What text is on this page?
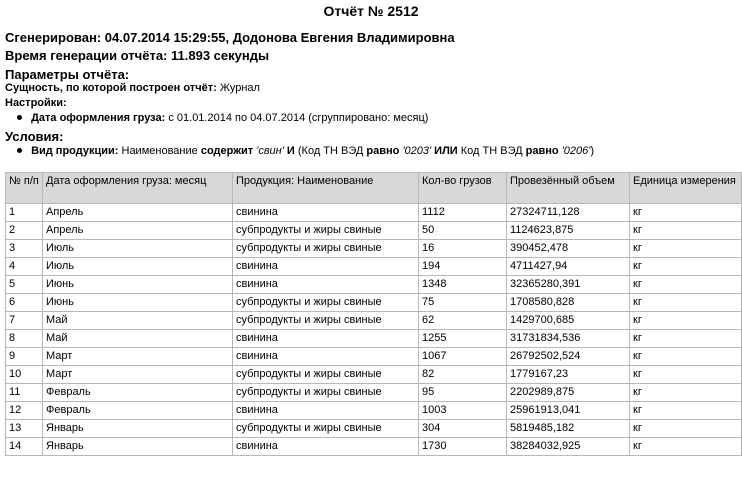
Отчёт № 2512
Сгенерирован: 04.07.2014 15:29:55, Додонова Евгения Владимировна
Время генерации отчёта: 11.893 секунды
Параметры отчёта:
Сущность, по которой построен отчёт: Журнал
Настройки:
Дата оформления груза: с 01.01.2014 по 04.07.2014 (сгруппировано: месяц)
Условия:
Вид продукции: Наименование содержит 'свин' И (Код ТН ВЭД равно '0203' ИЛИ Код ТН ВЭД равно '0206')
№ п/п	Дата оформления груза: месяц	Продукция: Наименование	Кол-во грузов	Провезённый объем	Единица измерения
1	Апрель	свинина	1112	27324711,128	кг
2	Апрель	субпродукты и жиры свиные	50	1124623,875	кг
3	Июль	субпродукты и жиры свиные	16	390452,478	кг
4	Июль	свинина	194	4711427,94	кг
5	Июнь	свинина	1348	32365280,391	кг
6	Июнь	субпродукты и жиры свиные	75	1708580,828	кг
7	Май	субпродукты и жиры свиные	62	1429700,685	кг
8	Май	свинина	1255	31731834,536	кг
9	Март	свинина	1067	26792502,524	кг
10	Март	субпродукты и жиры свиные	82	1779167,23	кг
11	Февраль	субпродукты и жиры свиные	95	2202989,875	кг
12	Февраль	свинина	1003	25961913,041	кг
13	Январь	субпродукты и жиры свиные	304	5819485,182	кг
14	Январь	свинина	1730	38284032,925	кг
